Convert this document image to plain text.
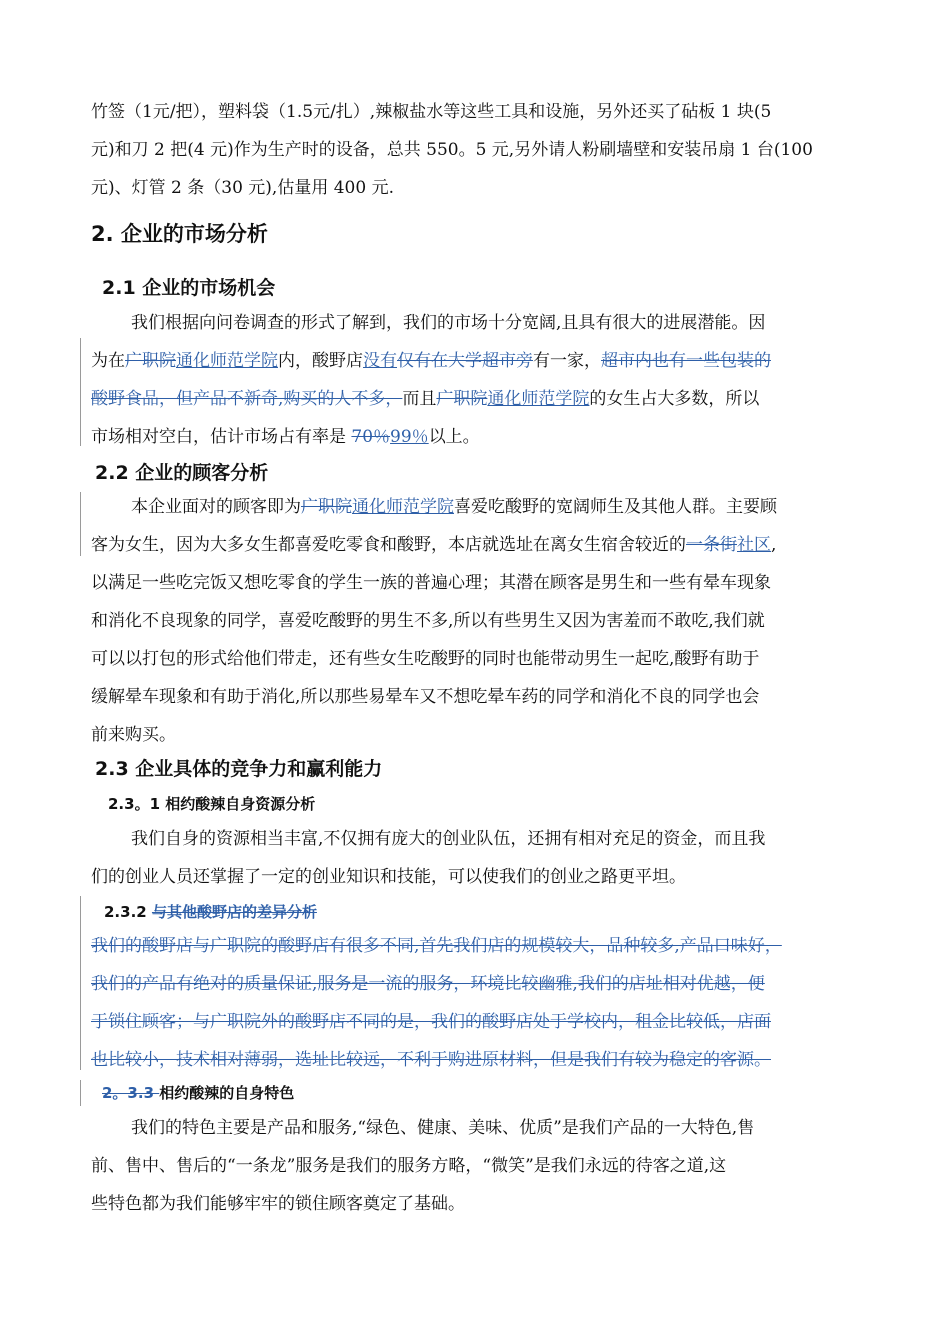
竹签（1元/把），塑料袋（1.5元/扎）,辣椒盐水等这些工具和设施，另外还买了砧板 1 块(5
元)和刀 2 把(4 元)作为生产时的设备，总共 550。5 元,另外请人粉刷墙壁和安装吊扇 1 台(100
元)、灯管 2 条（30 元),估量用 400 元.
2. 企业的市场分析
2.1 企业的市场机会
我们根据向问卷调查的形式了解到，我们的市场十分宽阔,且具有很大的进展潜能。因
为在广职院通化师范学院内，酸野店没有仅有在大学超市旁有一家，超市内也有一些包装的
酸野食品，但产品不新奇,购买的人不多，而且广职院通化师范学院的女生占大多数，所以
市场相对空白，估计市场占有率是 70％99％以上。
2.2 企业的顾客分析
本企业面对的顾客即为广职院通化师范学院喜爱吃酸野的宽阔师生及其他人群。主要顾
客为女生，因为大多女生都喜爱吃零食和酸野，本店就选址在离女生宿舍较近的一条街社区,
以满足一些吃完饭又想吃零食的学生一族的普遍心理；其潜在顾客是男生和一些有晕车现象
和消化不良现象的同学，喜爱吃酸野的男生不多,所以有些男生又因为害羞而不敢吃,我们就
可以以打包的形式给他们带走，还有些女生吃酸野的同时也能带动男生一起吃,酸野有助于
缓解晕车现象和有助于消化,所以那些易晕车又不想吃晕车药的同学和消化不良的同学也会
前来购买。
2.3 企业具体的竞争力和赢利能力
2.3。1 相约酸辣自身资源分析
我们自身的资源相当丰富,不仅拥有庞大的创业队伍，还拥有相对充足的资金，而且我
们的创业人员还掌握了一定的创业知识和技能，可以使我们的创业之路更平坦。
2.3.2 与其他酸野店的差异分析
我们的酸野店与广职院的酸野店有很多不同,首先我们店的规模较大，品种较多,产品口味好，
我们的产品有绝对的质量保证,服务是一流的服务，环境比较幽雅,我们的店址相对优越，便
于锁住顾客；与广职院外的酸野店不同的是，我们的酸野店处于学校内，租金比较低，店面
也比较小，技术相对薄弱，选址比较远，不利于购进原材料，但是我们有较为稳定的客源。
2。3.3 相约酸辣的自身特色
我们的特色主要是产品和服务,“绿色、健康、美味、优质”是我们产品的一大特色,售
前、售中、售后的“一条龙”服务是我们的服务方略，“微笑”是我们永远的待客之道,这
些特色都为我们能够牢牢的锁住顾客奠定了基础。
